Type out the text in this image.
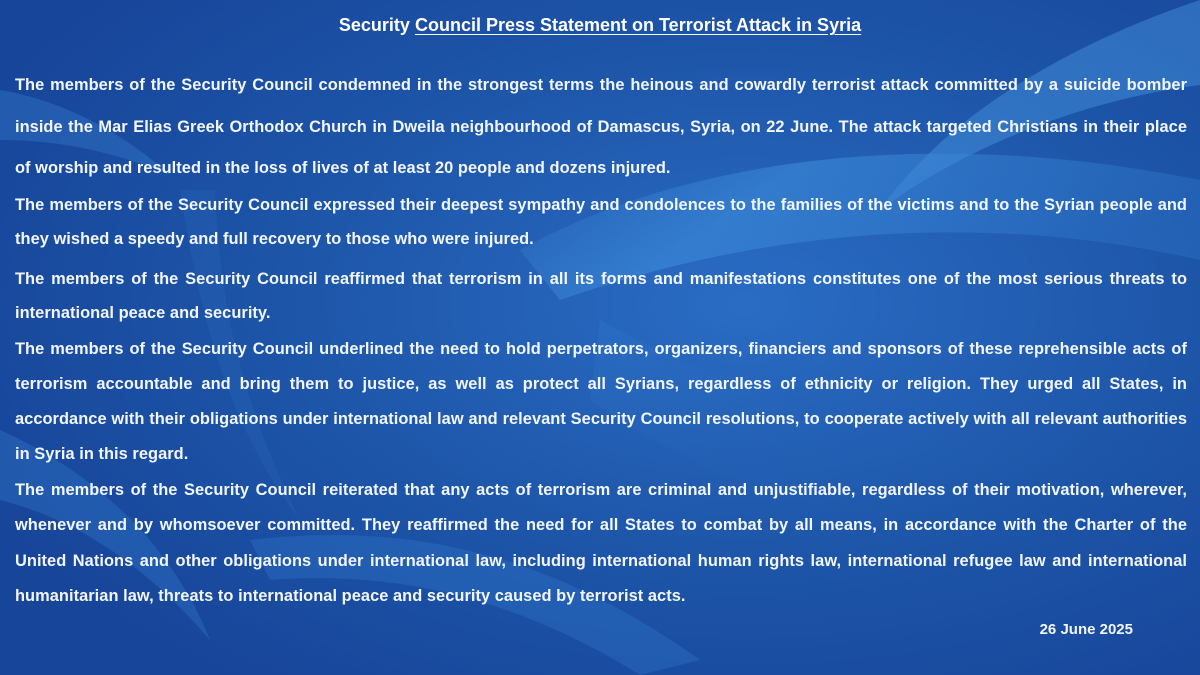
Security Council Press Statement on Terrorist Attack in Syria

The members of the Security Council condemned in the strongest terms the heinous and cowardly terrorist attack committed by a suicide bomber inside the Mar Elias Greek Orthodox Church in Dweila neighbourhood of Damascus, Syria, on 22 June. The attack targeted Christians in their place of worship and resulted in the loss of lives of at least 20 people and dozens injured.

The members of the Security Council expressed their deepest sympathy and condolences to the families of the victims and to the Syrian people and they wished a speedy and full recovery to those who were injured.

The members of the Security Council reaffirmed that terrorism in all its forms and manifestations constitutes one of the most serious threats to international peace and security.

The members of the Security Council underlined the need to hold perpetrators, organizers, financiers and sponsors of these reprehensible acts of terrorism accountable and bring them to justice, as well as protect all Syrians, regardless of ethnicity or religion. They urged all States, in accordance with their obligations under international law and relevant Security Council resolutions, to cooperate actively with all relevant authorities in Syria in this regard.

The members of the Security Council reiterated that any acts of terrorism are criminal and unjustifiable, regardless of their motivation, wherever, whenever and by whomsoever committed. They reaffirmed the need for all States to combat by all means, in accordance with the Charter of the United Nations and other obligations under international law, including international human rights law, international refugee law and international humanitarian law, threats to international peace and security caused by terrorist acts.

26 June 2025
